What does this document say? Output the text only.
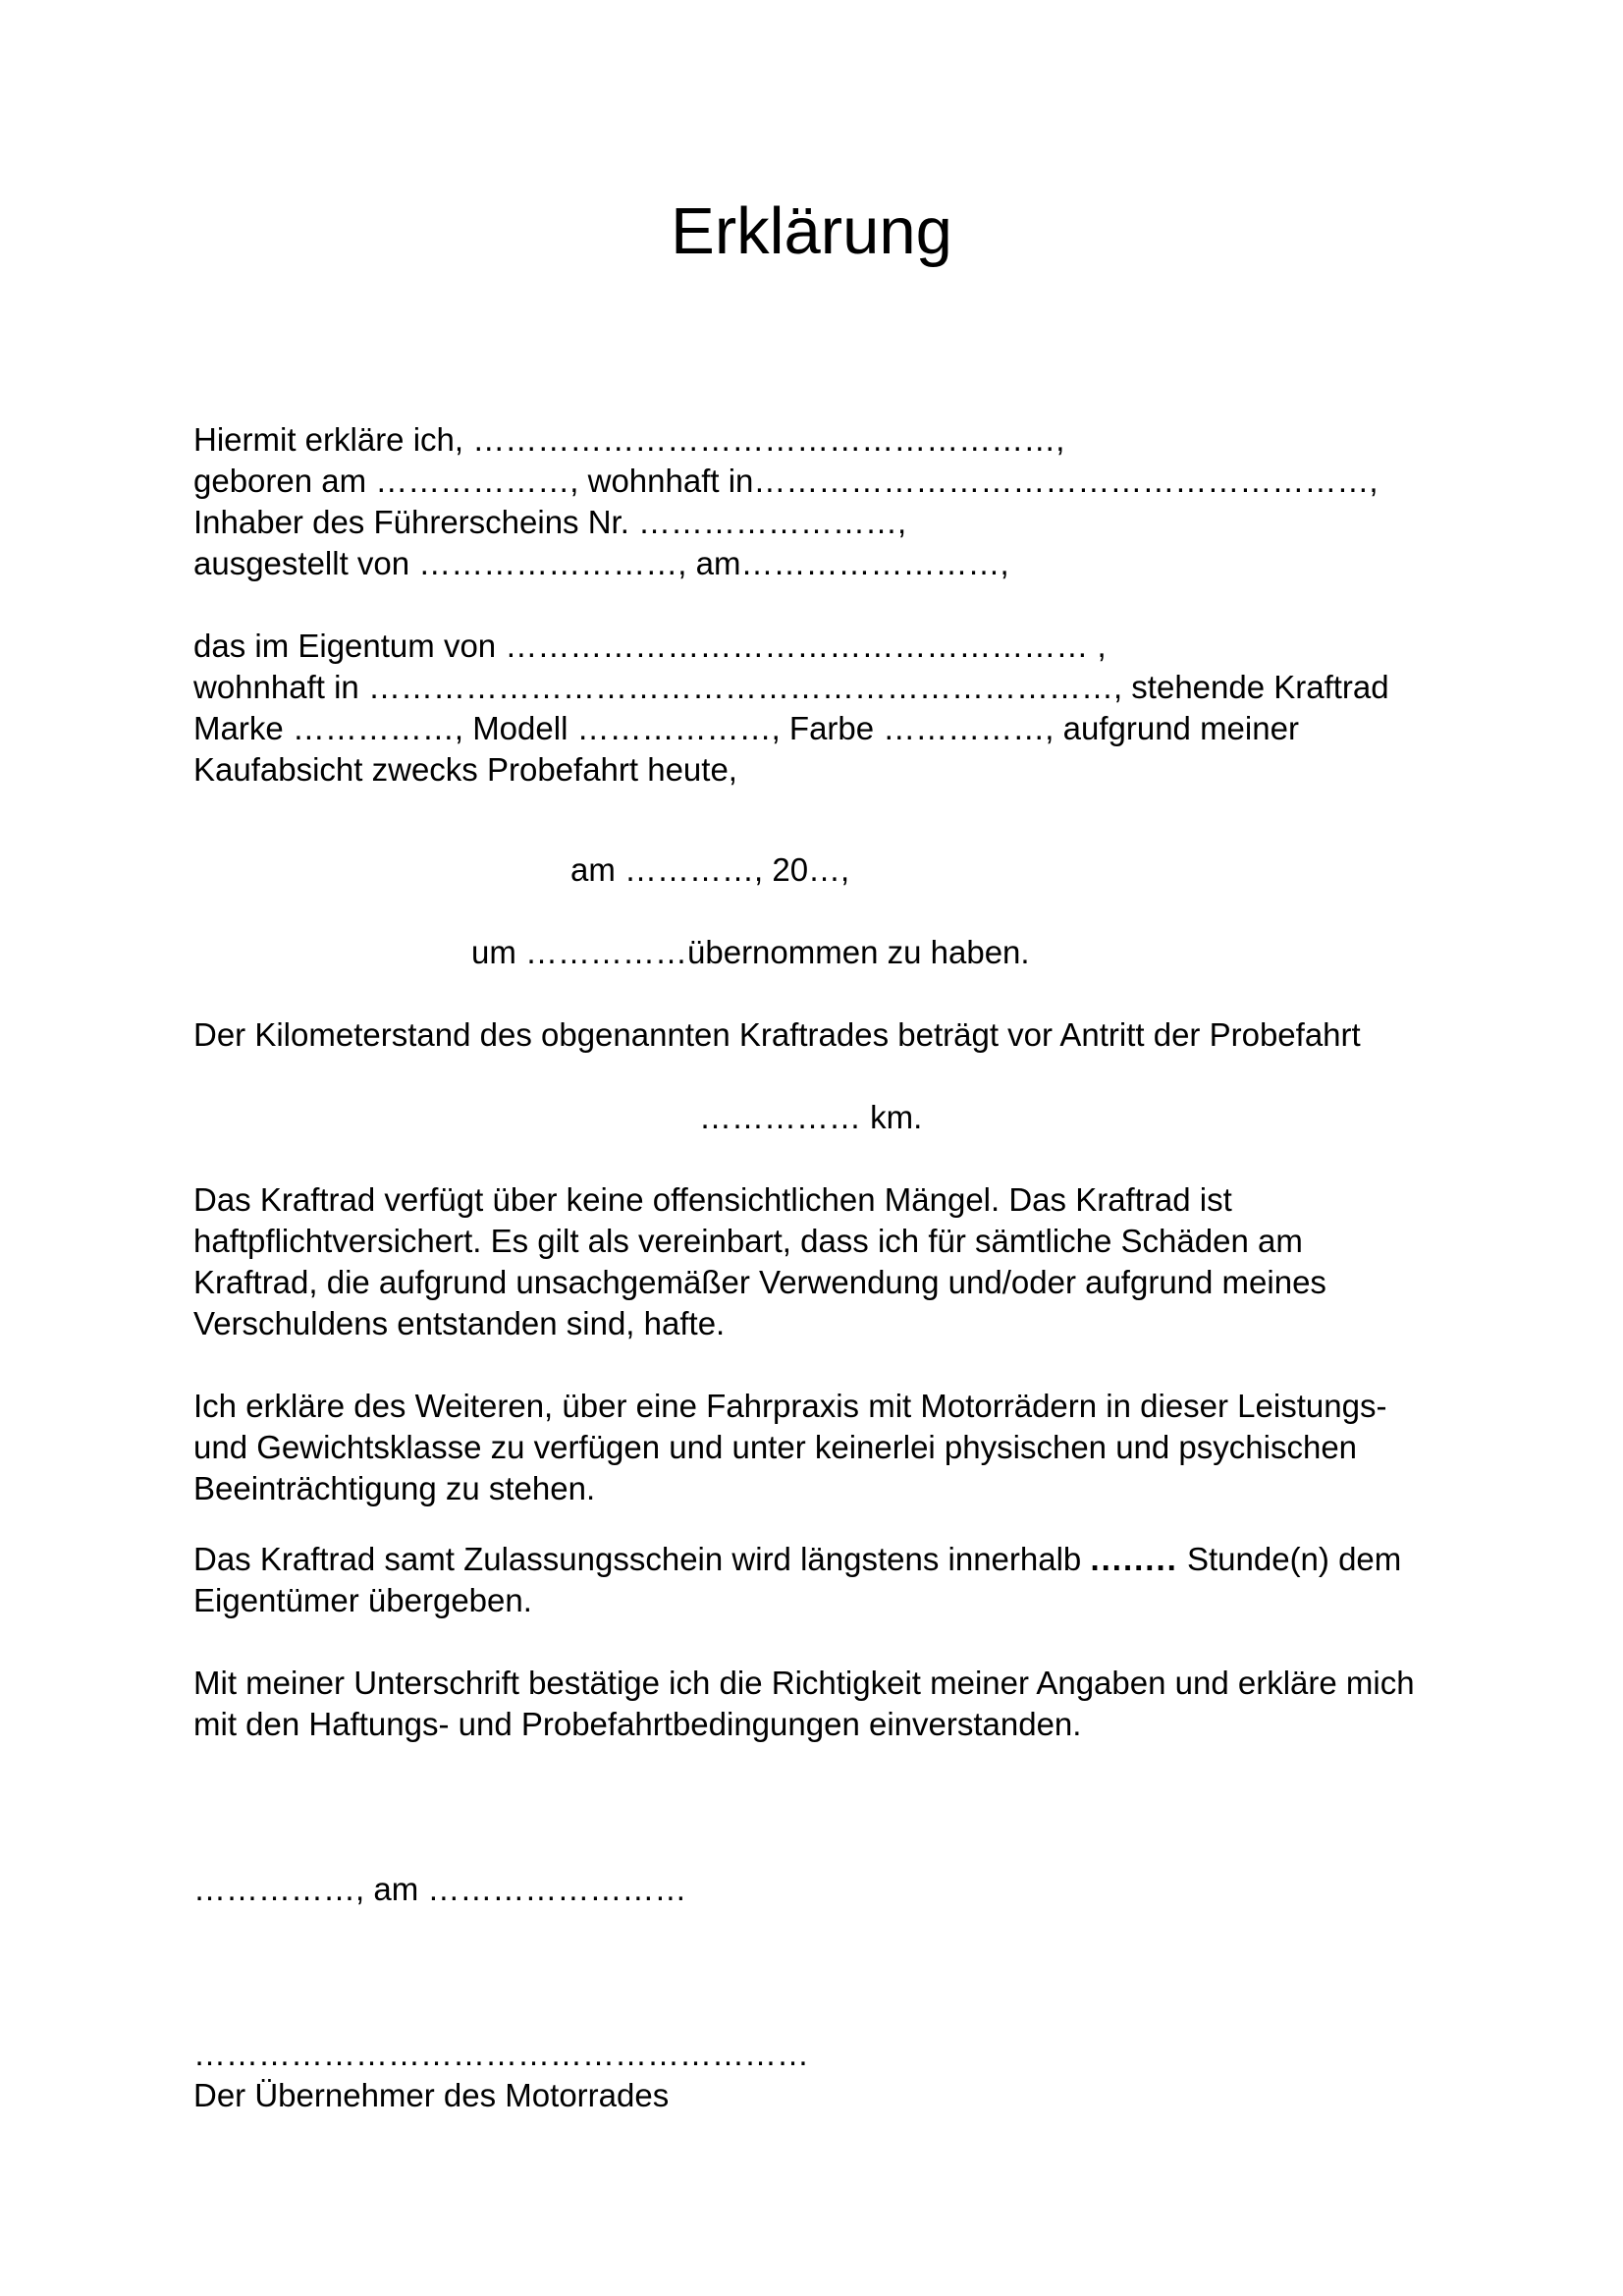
Erklärung
Hiermit erkläre ich, ………………………………………………,
geboren am ………………, wohnhaft in…………………………………………………,
Inhaber des Führerscheins Nr. ……………………,
ausgestellt von ……………………, am……………………,
das im Eigentum von ……………………………………………… ,
wohnhaft in ……………………………………………………………, stehende Kraftrad
Marke ……………, Modell ………………, Farbe ……………, aufgrund meiner
Kaufabsicht zwecks Probefahrt heute,
am …………, 20…,
um ……………übernommen zu haben.
Der Kilometerstand des obgenannten Kraftrades beträgt vor Antritt der Probefahrt
…………… km.
Das Kraftrad verfügt über keine offensichtlichen Mängel. Das Kraftrad ist
haftpflichtversichert. Es gilt als vereinbart, dass ich für sämtliche Schäden am
Kraftrad, die aufgrund unsachgemäßer Verwendung und/oder aufgrund meines
Verschuldens entstanden sind, hafte.
Ich erkläre des Weiteren, über eine Fahrpraxis mit Motorrädern in dieser Leistungs-
und Gewichtsklasse zu verfügen und unter keinerlei physischen und psychischen
Beeinträchtigung zu stehen.
Das Kraftrad samt Zulassungsschein wird längstens innerhalb ........ Stunde(n) dem
Eigentümer übergeben.
Mit meiner Unterschrift bestätige ich die Richtigkeit meiner Angaben und erkläre mich
mit den Haftungs- und Probefahrtbedingungen einverstanden.
……………, am ……………………
…………………………………………………
Der Übernehmer des Motorrades
